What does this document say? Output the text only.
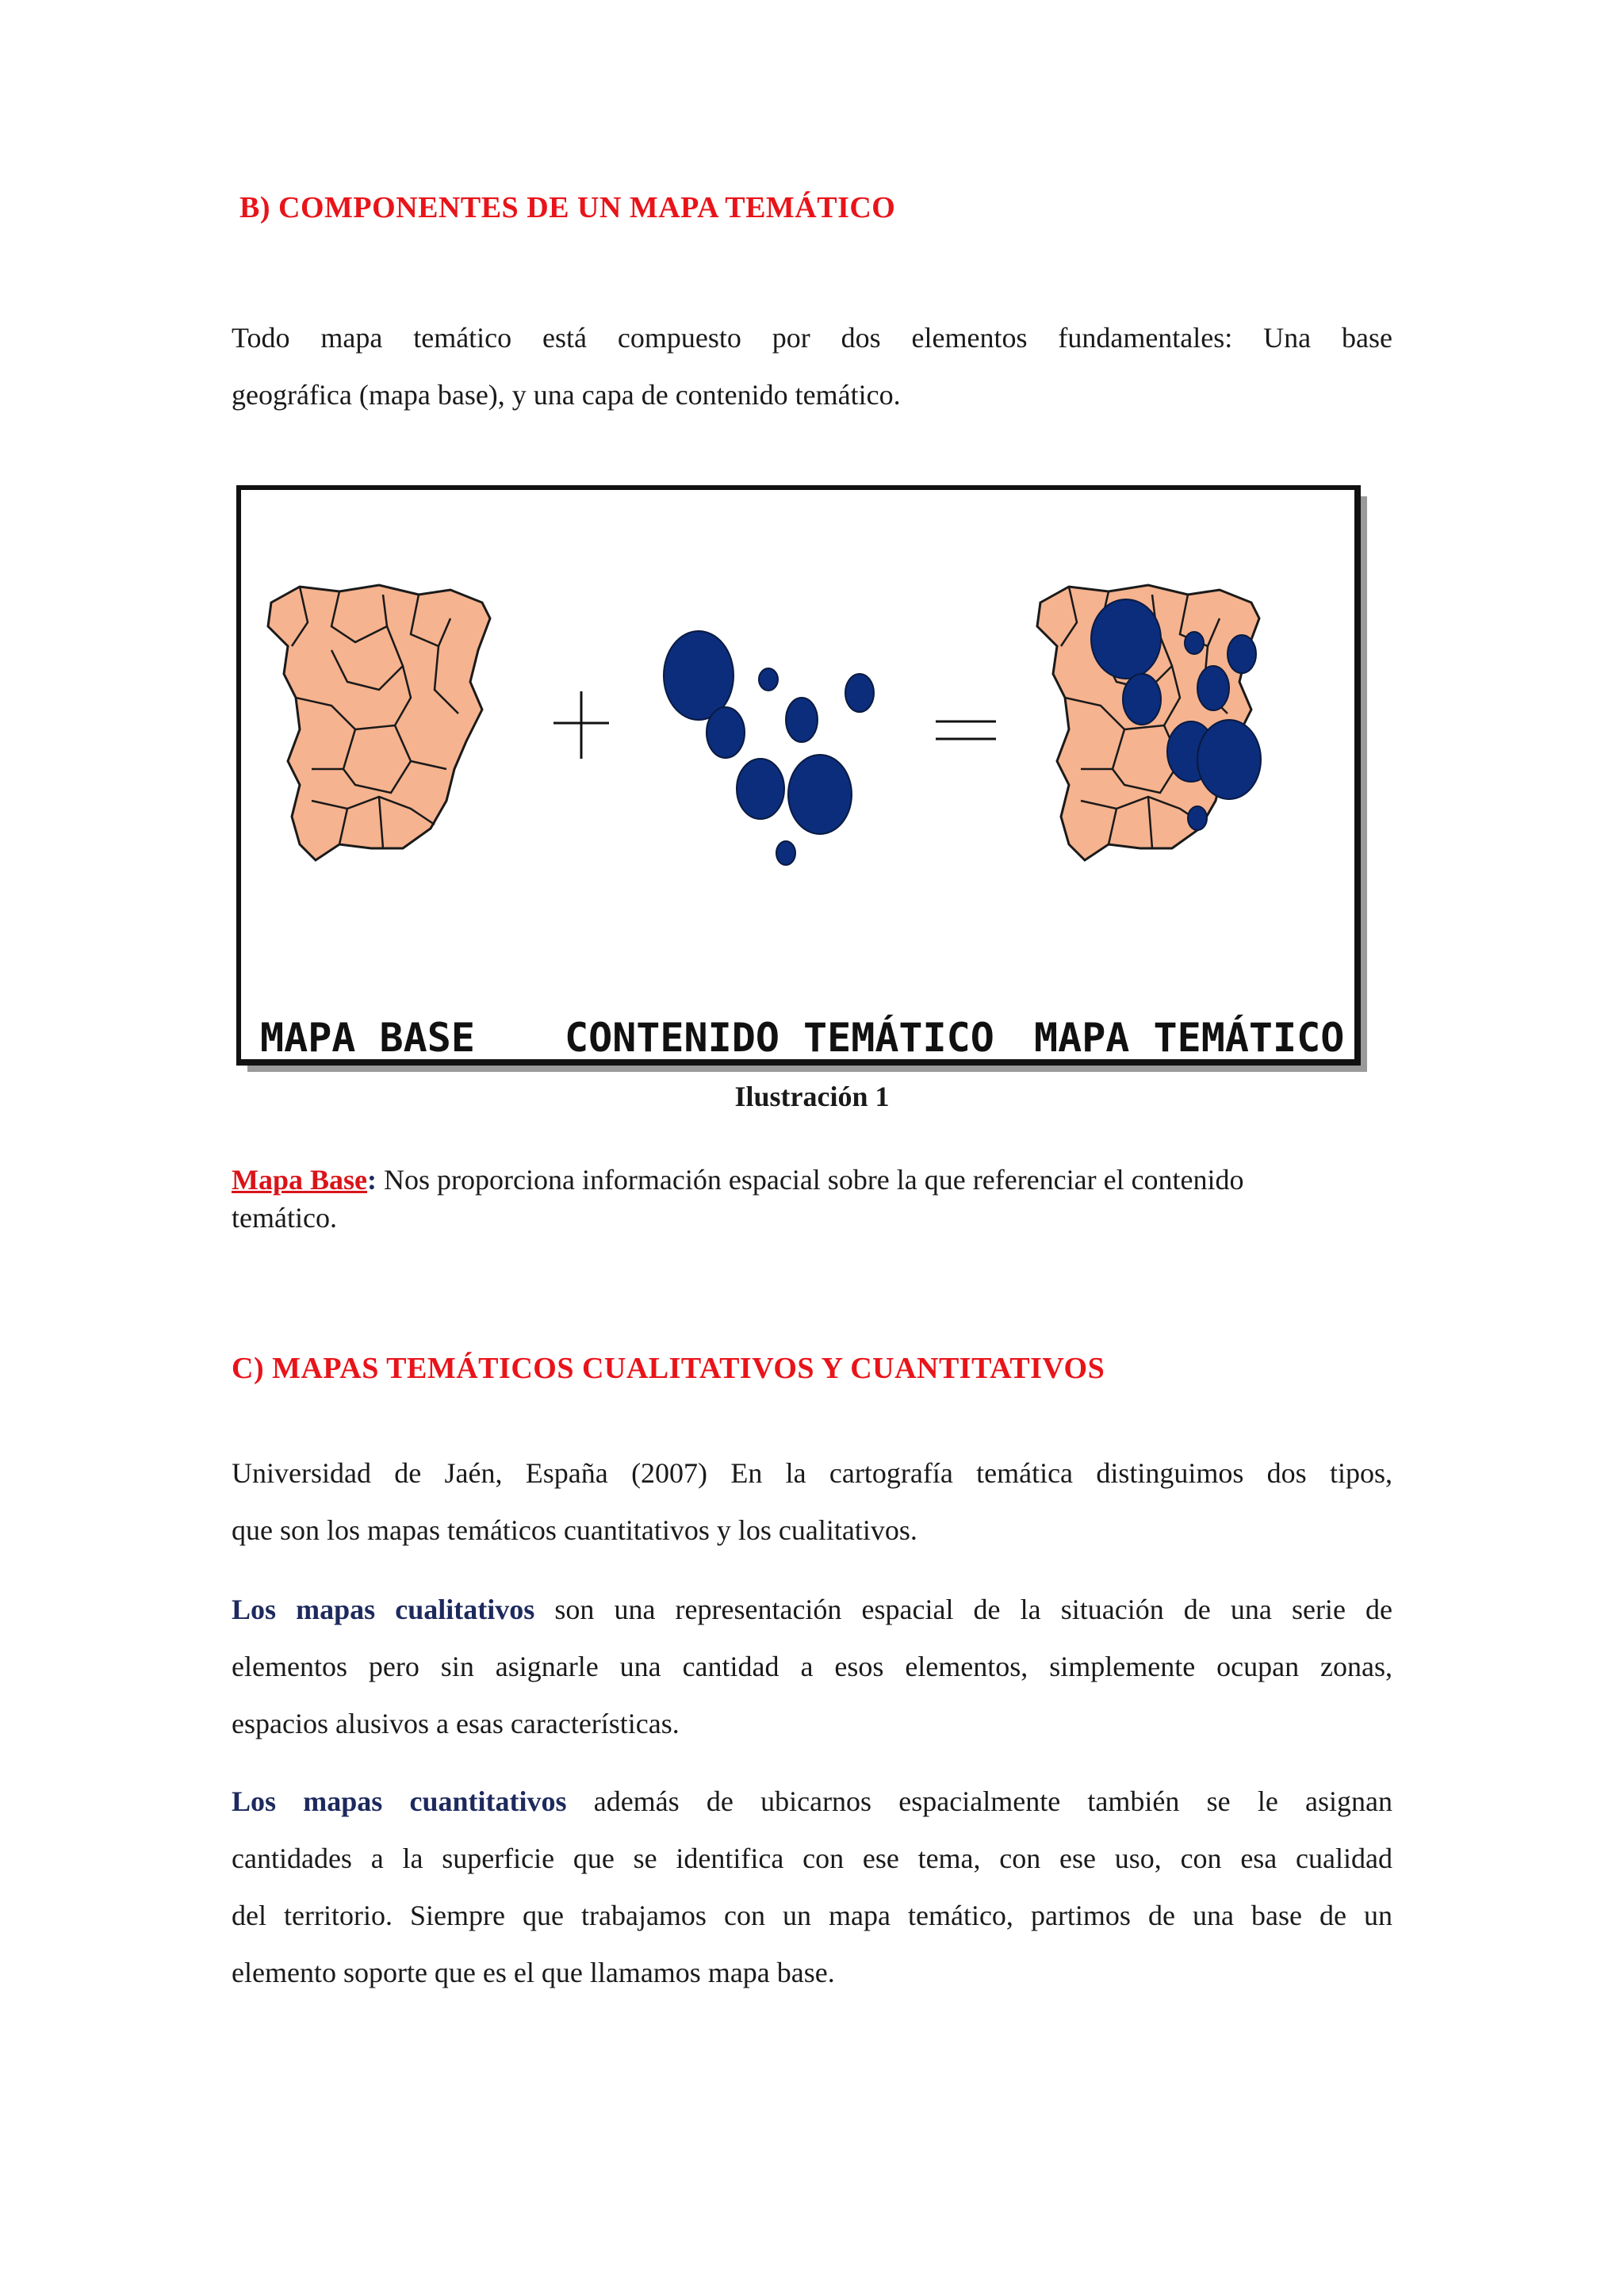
B) COMPONENTES DE UN MAPA TEMÁTICO
Todo mapa temático está compuesto por dos elementos fundamentales: Una base
geográfica (mapa base), y una capa de contenido temático.
MAPA BASE CONTENIDO TEMÁTICO MAPA TEMÁTICO

Ilustración 1

Mapa Base: Nos proporciona información espacial sobre la que referenciar el contenido
temático.
C) MAPAS TEMÁTICOS CUALITATIVOS Y CUANTITATIVOS
Universidad de Jaén, España (2007) En la cartografía temática distinguimos dos tipos,
que son los mapas temáticos cuantitativos y los cualitativos.
Los mapas cualitativos son una representación espacial de la situación de una serie de
elementos pero sin asignarle una cantidad a esos elementos, simplemente ocupan zonas,
espacios alusivos a esas características.
Los mapas cuantitativos además de ubicarnos espacialmente también se le asignan
cantidades a la superficie que se identifica con ese tema, con ese uso, con esa cualidad
del territorio. Siempre que trabajamos con un mapa temático, partimos de una base de un
elemento soporte que es el que llamamos mapa base.
